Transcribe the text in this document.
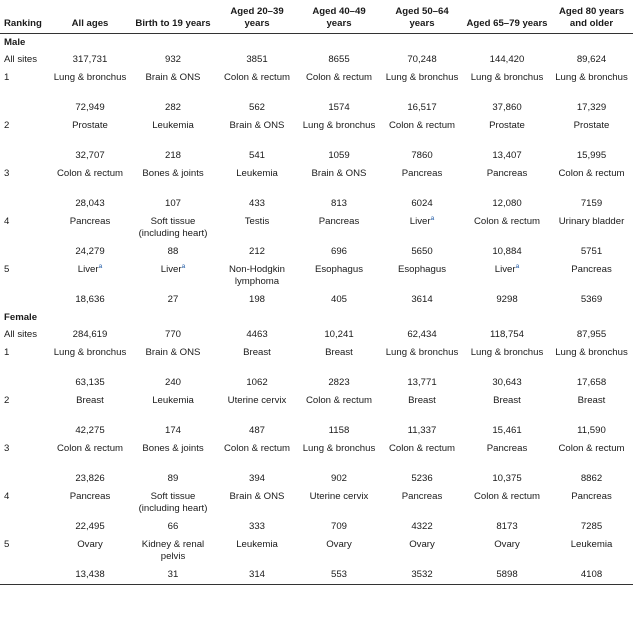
Ranking	All ages	Birth to 19 years	Aged 20–39 years	Aged 40–49 years	Aged 50–64 years	Aged 65–79 years	Aged 80 years and older
Male							
All sites	317,731	932	3851	8655	70,248	144,420	89,624
1	Lung & bronchus	Brain & ONS	Colon & rectum	Colon & rectum	Lung & bronchus	Lung & bronchus	Lung & bronchus
	72,949	282	562	1574	16,517	37,860	17,329
2	Prostate	Leukemia	Brain & ONS	Lung & bronchus	Colon & rectum	Prostate	Prostate
	32,707	218	541	1059	7860	13,407	15,995
3	Colon & rectum	Bones & joints	Leukemia	Brain & ONS	Pancreas	Pancreas	Colon & rectum
	28,043	107	433	813	6024	12,080	7159
4	Pancreas	Soft tissue (including heart)	Testis	Pancreas	Liver$^a$	Colon & rectum	Urinary bladder
	24,279	88	212	696	5650	10,884	5751
5	Liver$^a$	Liver$^a$	Non-Hodgkin lymphoma	Esophagus	Esophagus	Liver$^a$	Pancreas
	18,636	27	198	405	3614	9298	5369
Female							
All sites	284,619	770	4463	10,241	62,434	118,754	87,955
1	Lung & bronchus	Brain & ONS	Breast	Breast	Lung & bronchus	Lung & bronchus	Lung & bronchus
	63,135	240	1062	2823	13,771	30,643	17,658
2	Breast	Leukemia	Uterine cervix	Colon & rectum	Breast	Breast	Breast
	42,275	174	487	1158	11,337	15,461	11,590
3	Colon & rectum	Bones & joints	Colon & rectum	Lung & bronchus	Colon & rectum	Pancreas	Colon & rectum
	23,826	89	394	902	5236	10,375	8862
4	Pancreas	Soft tissue (including heart)	Brain & ONS	Uterine cervix	Pancreas	Colon & rectum	Pancreas
	22,495	66	333	709	4322	8173	7285
5	Ovary	Kidney & renal pelvis	Leukemia	Ovary	Ovary	Ovary	Leukemia
	13,438	31	314	553	3532	5898	4108
